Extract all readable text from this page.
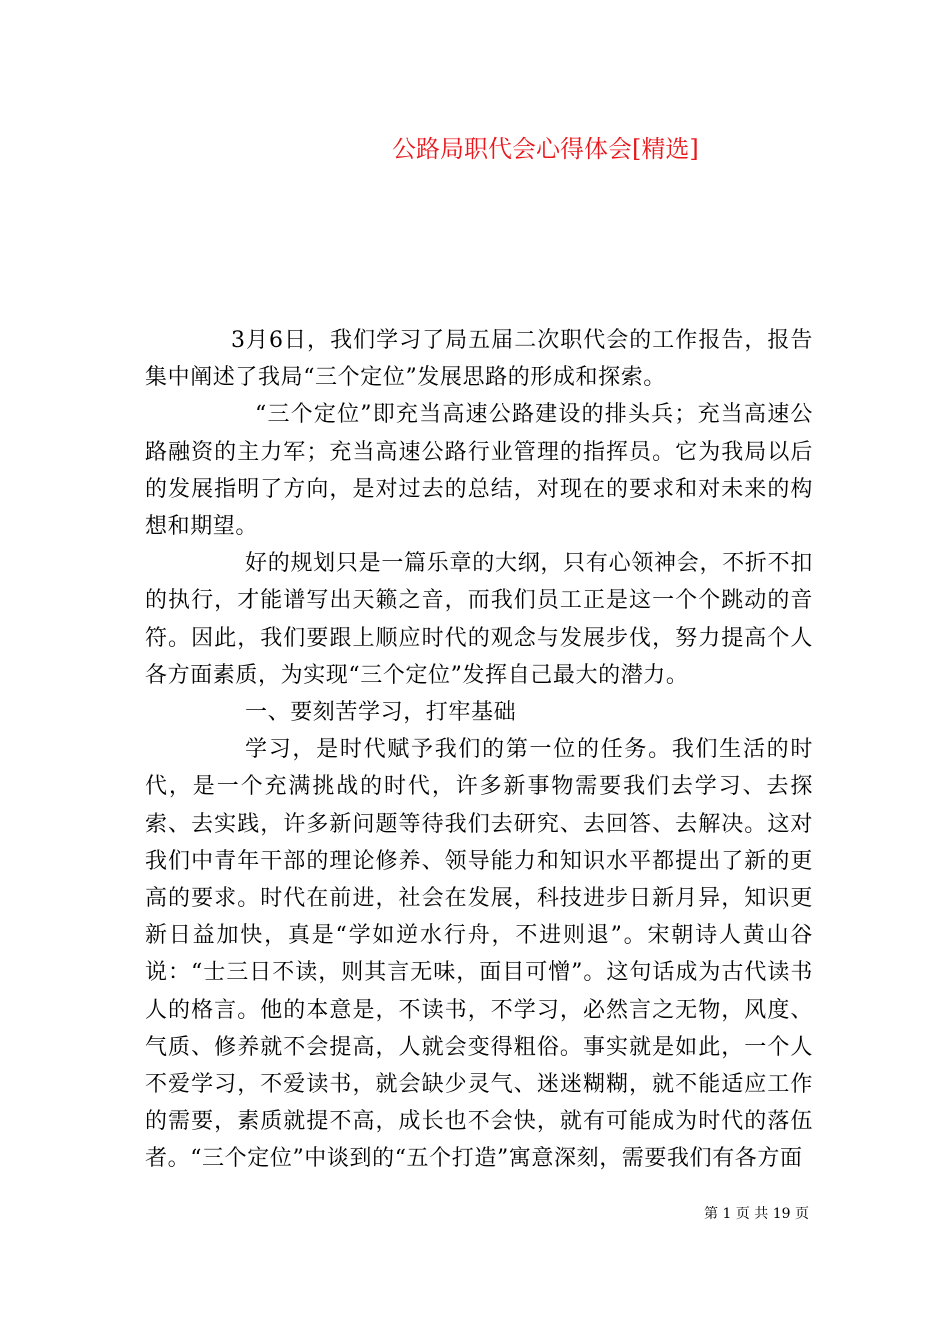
公路局职代会心得体会[精选]

3月6日，我们学习了局五届二次职代会的工作报告，报告集中阐述了我局“三个定位”发展思路的形成和探索。

“三个定位”即充当高速公路建设的排头兵；充当高速公路融资的主力军；充当高速公路行业管理的指挥员。它为我局以后的发展指明了方向，是对过去的总结，对现在的要求和对未来的构想和期望。

好的规划只是一篇乐章的大纲，只有心领神会，不折不扣的执行，才能谱写出天籁之音，而我们员工正是这一个个跳动的音符。因此，我们要跟上顺应时代的观念与发展步伐，努力提高个人各方面素质，为实现“三个定位”发挥自己最大的潜力。

一、要刻苦学习，打牢基础

学习，是时代赋予我们的第一位的任务。我们生活的时代，是一个充满挑战的时代，许多新事物需要我们去学习、去探索、去实践，许多新问题等待我们去研究、去回答、去解决。这对我们中青年干部的理论修养、领导能力和知识水平都提出了新的更高的要求。时代在前进，社会在发展，科技进步日新月异，知识更新日益加快，真是“学如逆水行舟，不进则退”。宋朝诗人黄山谷说：“士三日不读，则其言无味，面目可憎”。这句话成为古代读书人的格言。他的本意是，不读书，不学习，必然言之无物，风度、气质、修养就不会提高，人就会变得粗俗。事实就是如此，一个人不爱学习，不爱读书，就会缺少灵气、迷迷糊糊，就不能适应工作的需要，素质就提不高，成长也不会快，就有可能成为时代的落伍者。“三个定位”中谈到的“五个打造”寓意深刻，需要我们有各方面

第 1 页 共 19 页
